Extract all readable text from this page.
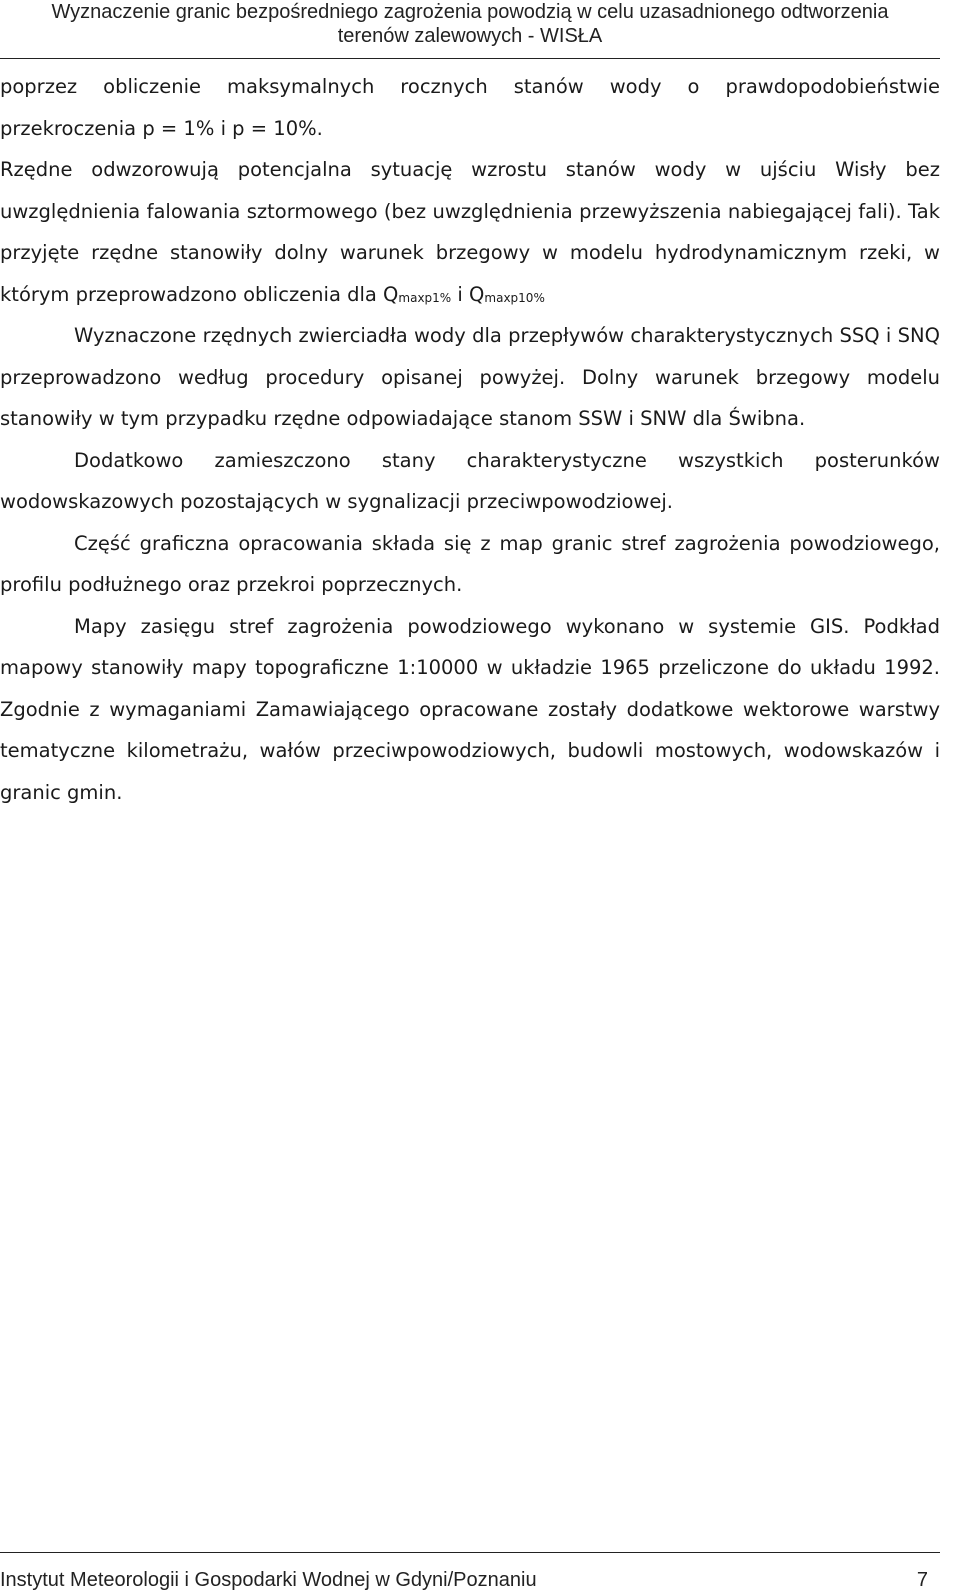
Wyznaczenie granic bezpośredniego zagrożenia powodzią w celu uzasadnionego odtworzenia
terenów zalewowych - WISŁA

poprzez obliczenie maksymalnych rocznych stanów wody o prawdopodobieństwie przekroczenia p = 1% i p = 10%.

Rzędne odwzorowują potencjalna sytuację wzrostu stanów wody w ujściu Wisły bez uwzględnienia falowania sztormowego (bez uwzględnienia przewyższenia nabiegającej fali). Tak przyjęte rzędne stanowiły dolny warunek brzegowy w modelu hydrodynamicznym rzeki, w którym przeprowadzono obliczenia dla $Q_{maxp1\%}$ i $Q_{maxp10\%}$

Wyznaczone rzędnych zwierciadła wody dla przepływów charakterystycznych SSQ i SNQ przeprowadzono według procedury opisanej powyżej. Dolny warunek brzegowy modelu stanowiły w tym przypadku rzędne odpowiadające stanom SSW i SNW dla Świbna.

Dodatkowo zamieszczono stany charakterystyczne wszystkich posterunków wodowskazowych pozostających w sygnalizacji przeciwpowodziowej.

Część graficzna opracowania składa się z map granic stref zagrożenia powodziowego, profilu podłużnego oraz przekroi poprzecznych.

Mapy zasięgu stref zagrożenia powodziowego wykonano w systemie GIS. Podkład mapowy stanowiły mapy topograficzne 1:10000 w układzie 1965 przeliczone do układu 1992. Zgodnie z wymaganiami Zamawiającego opracowane zostały dodatkowe wektorowe warstwy tematyczne kilometrażu, wałów przeciwpowodziowych, budowli mostowych, wodowskazów i granic gmin.

Instytut Meteorologii i Gospodarki Wodnej w Gdyni/Poznaniu	7
